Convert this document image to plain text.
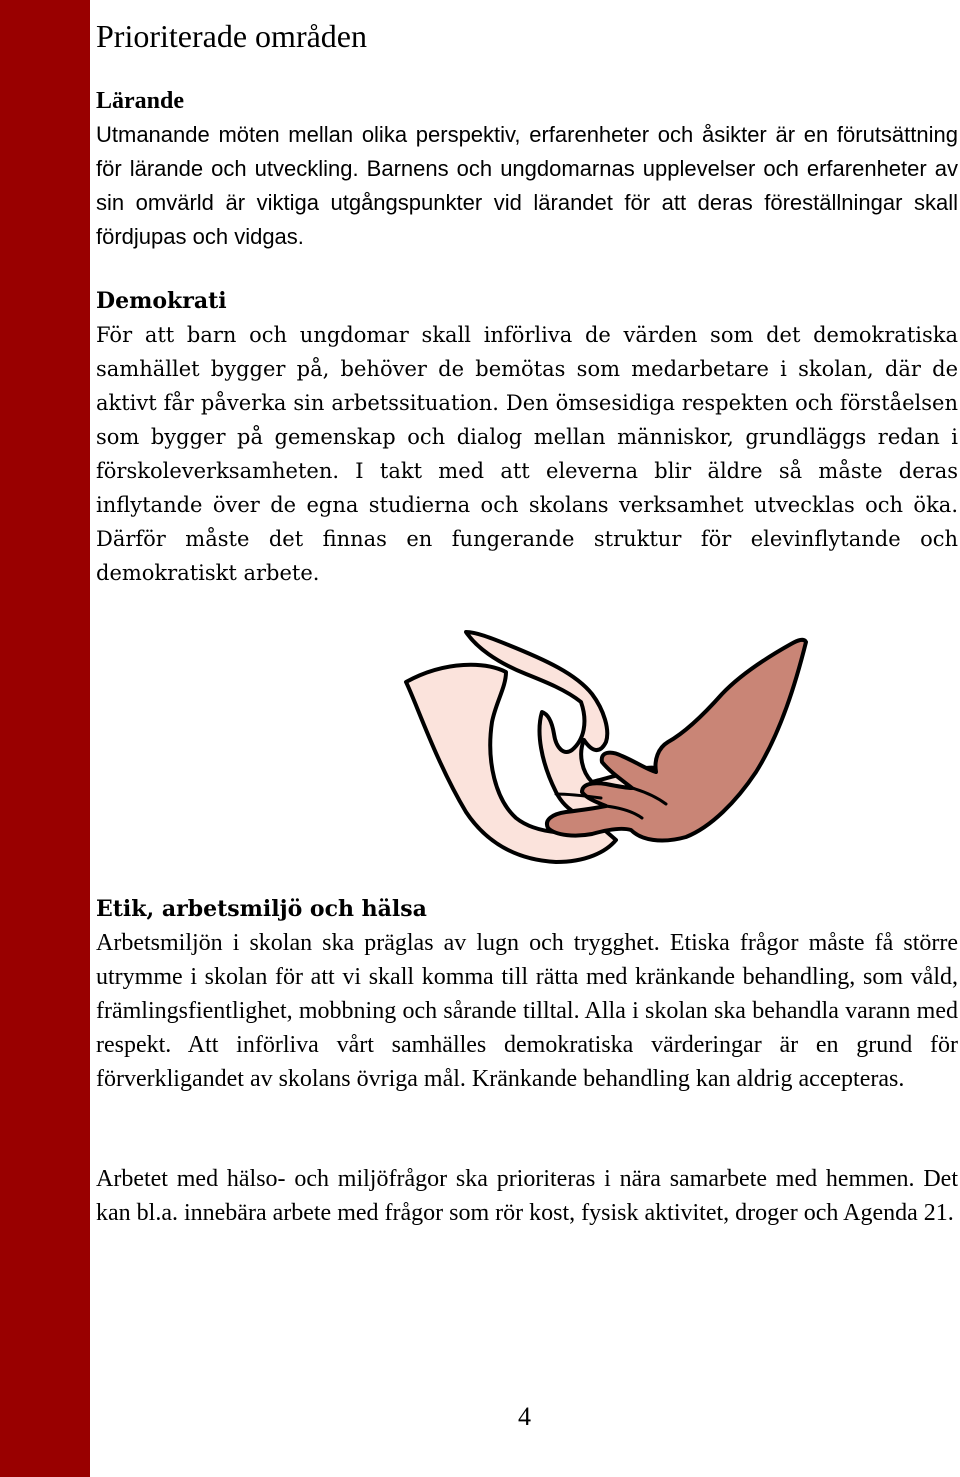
Prioriterade områden
Lärande

Utmanande möten mellan olika perspektiv, erfarenheter och åsikter är en förutsättning för lärande och utveckling. Barnens och ungdomarnas upplevelser och erfarenheter av sin omvärld är viktiga utgångspunkter vid lärandet för att deras föreställningar skall fördjupas och vidgas.

Demokrati

För att barn och ungdomar skall införliva de värden som det demokratiska samhället bygger på, behöver de bemötas som medarbetare i skolan, där de aktivt får påverka sin arbetssituation. Den ömsesidiga respekten och förståelsen som bygger på gemenskap och dialog mellan människor, grundläggs redan i förskoleverksamheten. I takt med att eleverna blir äldre så måste deras inflytande över de egna studierna och skolans verksamhet utvecklas och öka. Därför måste det finnas en fungerande struktur för elevinflytande och demokratiskt arbete.

Etik, arbetsmiljö och hälsa

Arbetsmiljön i skolan ska präglas av lugn och trygghet. Etiska frågor måste få större utrymme i skolan för att vi skall komma till rätta med kränkande behandling, som våld, främlingsfientlighet, mobbning och sårande tilltal. Alla i skolan ska behandla varann med respekt. Att införliva vårt samhälles demokratiska värderingar är en grund för förverkligandet av skolans övriga mål. Kränkande behandling kan aldrig accepteras.

Arbetet med hälso- och miljöfrågor ska prioriteras i nära samarbete med hemmen. Det kan bl.a. innebära arbete med frågor som rör kost, fysisk aktivitet, droger och Agenda 21.

4
